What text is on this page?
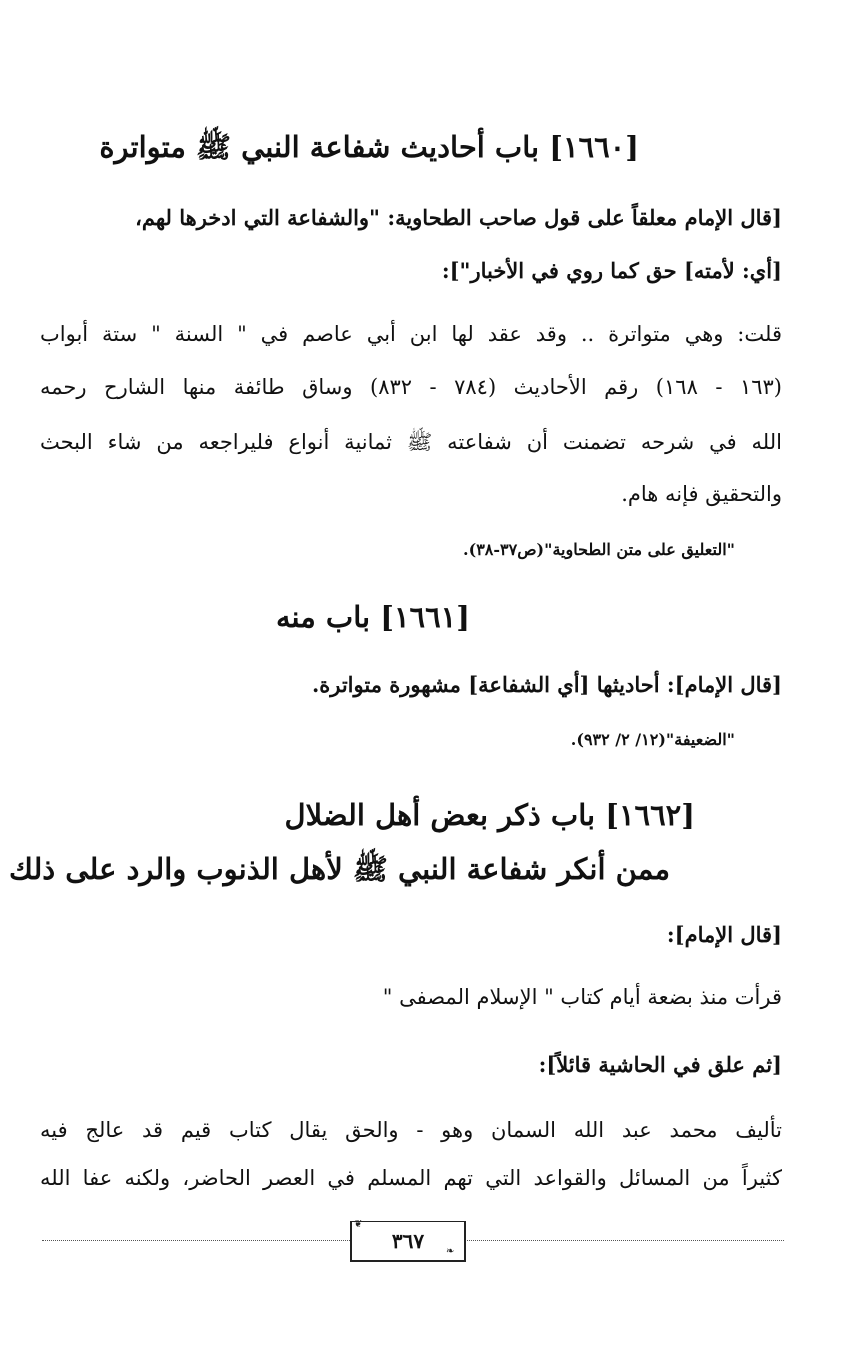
[١٦٦٠] باب أحاديث شفاعة النبي ﷺ متواترة
[قال الإمام معلقاً على قول صاحب الطحاوية: "والشفاعة التي ادخرها لهم،
[أي: لأمته] حق كما روي في الأخبار"]:
قلت: وهي متواترة .. وقد عقد لها ابن أبي عاصم في " السنة " ستة أبواب
(١٦٣ - ١٦٨) رقم الأحاديث (٧٨٤ - ٨٣٢) وساق طائفة منها الشارح رحمه
الله في شرحه تضمنت أن شفاعته ﷺ ثمانية أنواع فليراجعه من شاء البحث
والتحقيق فإنه هام.
"التعليق على متن الطحاوية"(ص٣٧-٣٨).
[١٦٦١] باب منه
[قال الإمام]: أحاديثها [أي الشفاعة] مشهورة متواترة.
"الضعيفة"(١٢/ ٢/ ٩٣٢).
[١٦٦٢] باب ذكر بعض أهل الضلال
ممن أنكر شفاعة النبي ﷺ لأهل الذنوب والرد على ذلك
[قال الإمام]:
قرأت منذ بضعة أيام كتاب " الإسلام المصفى "
[ثم علق في الحاشية قائلاً]:
تأليف محمد عبد الله السمان وهو - والحق يقال كتاب قيم قد عالج فيه
كثيراً من المسائل والقواعد التي تهم المسلم في العصر الحاضر، ولكنه عفا الله
٣٦٧
❦
❧
